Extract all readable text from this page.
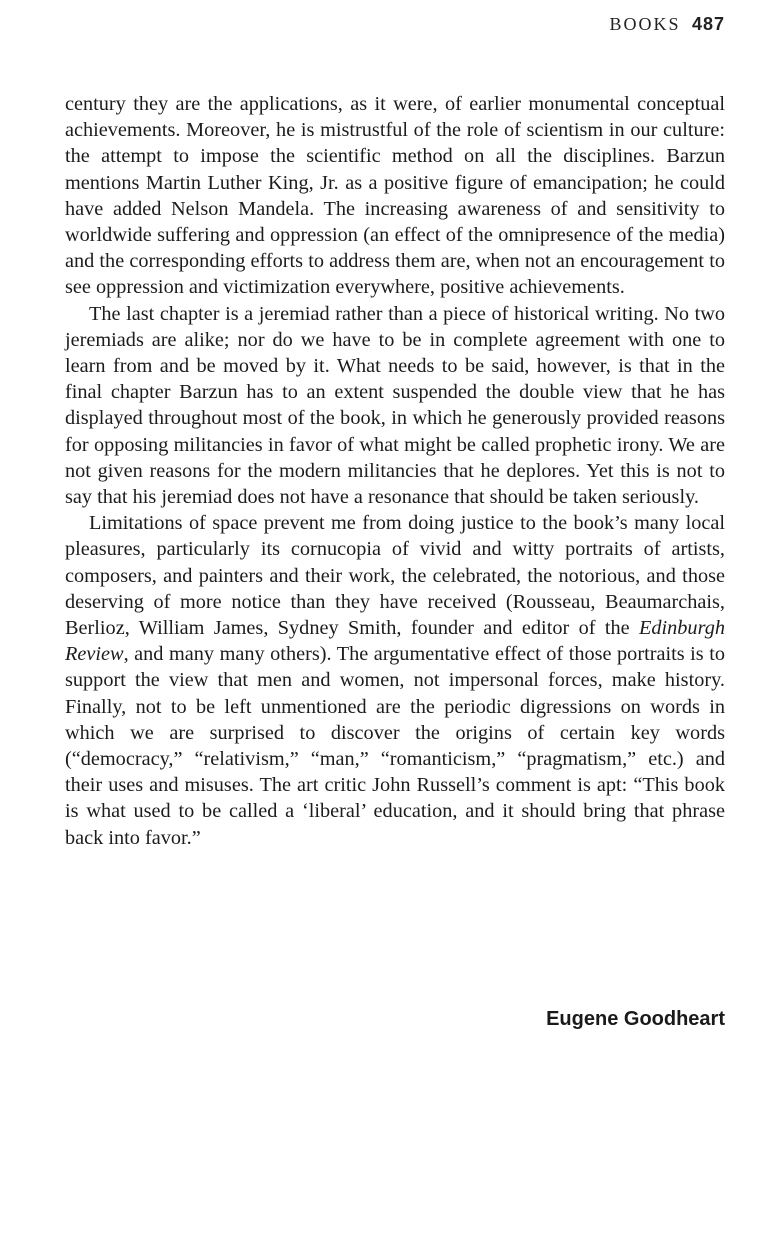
BOOKS 487

century they are the applications, as it were, of earlier monumental conceptual achievements. Moreover, he is mistrustful of the role of scientism in our culture: the attempt to impose the scientific method on all the disciplines. Barzun mentions Martin Luther King, Jr. as a positive figure of emancipation; he could have added Nelson Mandela. The increasing awareness of and sensitivity to worldwide suffering and oppression (an effect of the omnipresence of the media) and the corresponding efforts to address them are, when not an encouragement to see oppression and victimization everywhere, positive achievements.

The last chapter is a jeremiad rather than a piece of historical writing. No two jeremiads are alike; nor do we have to be in complete agreement with one to learn from and be moved by it. What needs to be said, however, is that in the final chapter Barzun has to an extent suspended the double view that he has displayed throughout most of the book, in which he generously provided reasons for opposing militancies in favor of what might be called prophetic irony. We are not given reasons for the modern militancies that he deplores. Yet this is not to say that his jeremiad does not have a resonance that should be taken seriously.

Limitations of space prevent me from doing justice to the book’s many local pleasures, particularly its cornucopia of vivid and witty portraits of artists, composers, and painters and their work, the celebrated, the notorious, and those deserving of more notice than they have received (Rousseau, Beaumarchais, Berlioz, William James, Sydney Smith, founder and editor of the Edinburgh Review, and many many others). The argumentative effect of those portraits is to support the view that men and women, not impersonal forces, make history. Finally, not to be left unmentioned are the periodic digressions on words in which we are surprised to discover the origins of certain key words (“democracy,” “relativism,” “man,” “romanticism,” “pragmatism,” etc.) and their uses and misuses. The art critic John Russell’s comment is apt: “This book is what used to be called a ‘liberal’ education, and it should bring that phrase back into favor.”

Eugene Goodheart
